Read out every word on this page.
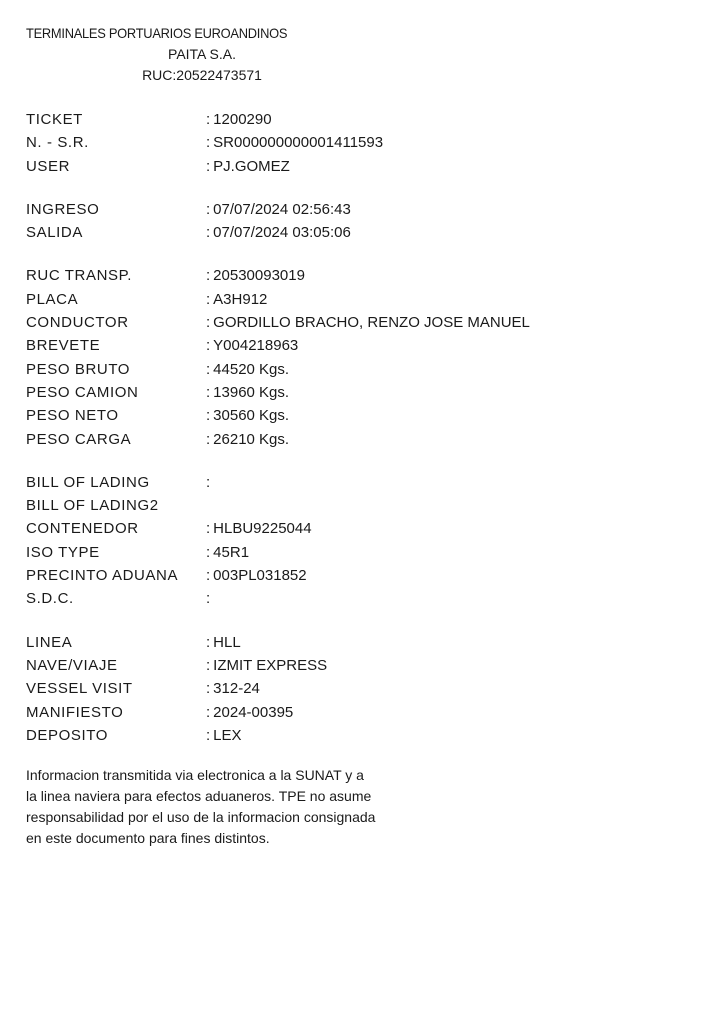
TERMINALES PORTUARIOS EUROANDINOS
PAITA S.A.
RUC:20522473571
TICKET	: 1200290
N. - S.R.	: SR000000000001411593
USER	: PJ.GOMEZ
INGRESO	: 07/07/2024 02:56:43
SALIDA	: 07/07/2024 03:05:06
RUC TRANSP.	: 20530093019
PLACA	: A3H912
CONDUCTOR	: GORDILLO BRACHO, RENZO JOSE MANUEL
BREVETE	: Y004218963
PESO BRUTO	: 44520 Kgs.
PESO CAMION	: 13960 Kgs.
PESO NETO	: 30560 Kgs.
PESO CARGA	: 26210 Kgs.
BILL OF LADING	:
BILL OF LADING2
CONTENEDOR	: HLBU9225044
ISO TYPE	: 45R1
PRECINTO ADUANA	: 003PL031852
S.D.C.	:
LINEA	: HLL
NAVE/VIAJE	: IZMIT EXPRESS
VESSEL VISIT	: 312-24
MANIFIESTO	: 2024-00395
DEPOSITO	: LEX

Informacion transmitida via electronica a la SUNAT y a

la linea naviera para efectos aduaneros. TPE no asume

responsabilidad por el uso de la informacion consignada

en este documento para fines distintos.
